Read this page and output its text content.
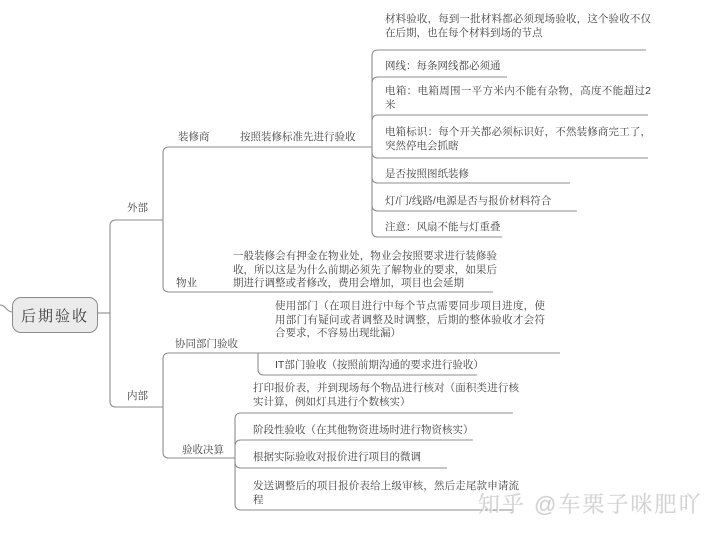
后期验收
外部
装修商	按照装修标准先进行验收
材料验收，每到一批材料都必须现场验收，这个验收不仅在后期，也在每个材料到场的节点
网线：每条网线都必须通
电箱：电箱周围一平方米内不能有杂物，高度不能超过2米
电箱标识：每个开关都必须标识好，不然装修商完工了，突然停电会抓瞎
是否按照图纸装修
灯/门/线路/电源是否与报价材料符合
注意：风扇不能与灯重叠
物业
一般装修会有押金在物业处，物业会按照要求进行装修验收，所以这是为什么前期必须先了解物业的要求，如果后期进行调整或者修改，费用会增加，项目也会延期
内部
协同部门验收
使用部门（在项目进行中每个节点需要同步项目进度，使用部门有疑问或者调整及时调整，后期的整体验收才会符合要求，不容易出现纰漏）
IT部门验收（按照前期沟通的要求进行验收）
验收决算
打印报价表，并到现场每个物品进行核对（面积类进行核实计算，例如灯具进行个数核实）
阶段性验收（在其他物资进场时进行物资核实）
根据实际验收对报价进行项目的微调
发送调整后的项目报价表给上级审核，然后走尾款申请流程	知乎 @车栗子咪肥吖
